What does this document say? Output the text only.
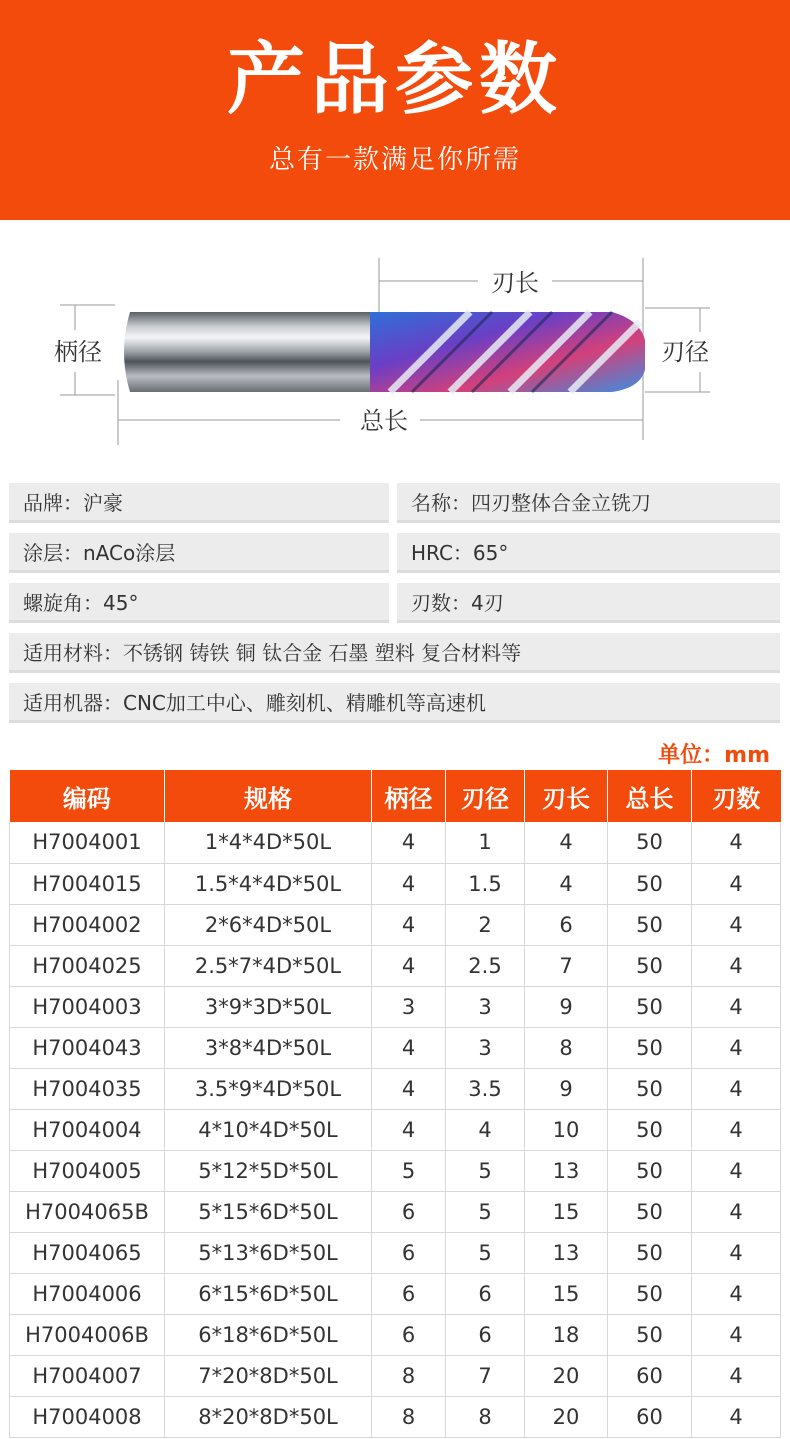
产品参数
总有一款满足你所需
刃长
柄径	刃径
总长
品牌：沪豪	名称：四刃整体合金立铣刀
涂层：nACo涂层	HRC：65°
螺旋角：45°	刃数：4刃
适用材料：不锈钢 铸铁 铜 钛合金 石墨 塑料 复合材料等
适用机器：CNC加工中心、雕刻机、精雕机等高速机
单位：mm
编码	规格	柄径	刃径	刃长	总长	刃数
H7004001	1*4*4D*50L	4	1	4	50	4
H7004015	1.5*4*4D*50L	4	1.5	4	50	4
H7004002	2*6*4D*50L	4	2	6	50	4
H7004025	2.5*7*4D*50L	4	2.5	7	50	4
H7004003	3*9*3D*50L	3	3	9	50	4
H7004043	3*8*4D*50L	4	3	8	50	4
H7004035	3.5*9*4D*50L	4	3.5	9	50	4
H7004004	4*10*4D*50L	4	4	10	50	4
H7004005	5*12*5D*50L	5	5	13	50	4
H7004065B	5*15*6D*50L	6	5	15	50	4
H7004065	5*13*6D*50L	6	5	13	50	4
H7004006	6*15*6D*50L	6	6	15	50	4
H7004006B	6*18*6D*50L	6	6	18	50	4
H7004007	7*20*8D*50L	8	7	20	60	4
H7004008	8*20*8D*50L	8	8	20	60	4
